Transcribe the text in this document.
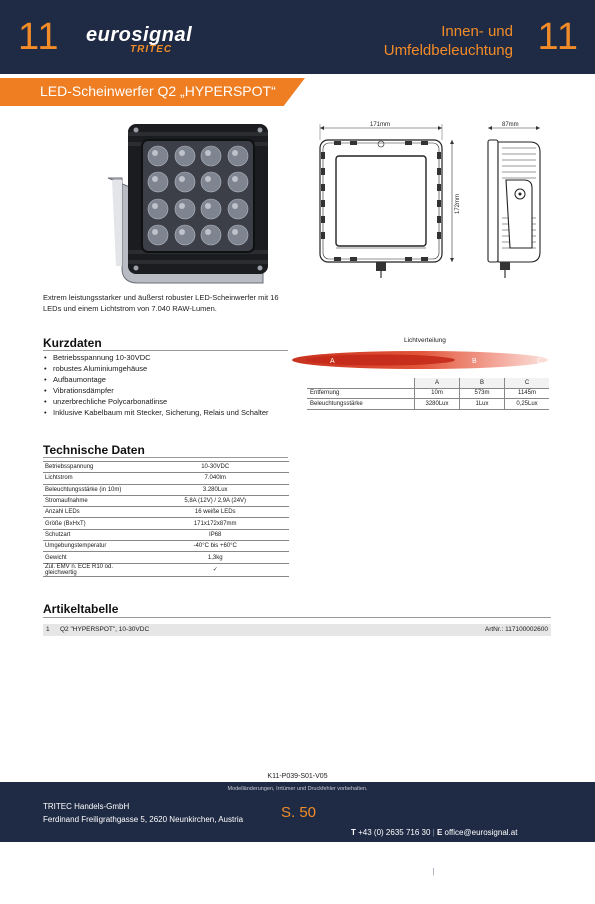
11 eurosignal
TRITEC
Innen- und
Umfeldbeleuchtung 11
LED-Scheinwerfer Q2 „HYPERSPOT“
171mm
172mm
87mm
Extrem leistungsstarker und äußerst robuster LED-Scheinwerfer mit 16 LEDs und einem Lichtstrom von 7.040 RAW-Lumen.
Kurzdaten
• Betriebsspannung 10-30VDC
• robustes Aluminiumgehäuse
• Aufbaumontage
• Vibrationsdämpfer
• unzerbrechliche Polycarbonatlinse
• Inklusive Kabelbaum mit Stecker, Sicherung, Relais und Schalter
Technische Daten
Betriebsspannung	10-30VDC
Lichtstrom	7.040lm
Beleuchtungsstärke (in 10m)	3.280Lux
Stromaufnahme	5,8A (12V) / 2,9A (24V)
Anzahl LEDs	16 weiße LEDs
Größe (BxHxT)	171x172x87mm
Schutzart	IP68
Umgebungstemperatur	-40°C bis +60°C
Gewicht	1,3kg
Zul. EMV n. ECE R10 od. gleichwertig	✓
Lichtverteilung
A	B	C
	A	B	C
Entfernung	10m	573m	1145m
Beleuchtungsstärke	3280Lux	1Lux	0,25Lux
Artikeltabelle
1 Q2 "HYPERSPOT", 10-30VDC	ArtNr.: 117100002600
K11-P039-S01-V05
Modelländerungen, Irrtümer und Druckfehler vorbehalten.
TRITEC Handels-GmbH
Ferdinand Freiligrathgasse 5, 2620 Neunkirchen, Austria	S. 50

T +43 (0) 2635 716 30 | E office@eurosignal.at

F +43 (0) 2635 716 31 | W www.eurosignal.at
